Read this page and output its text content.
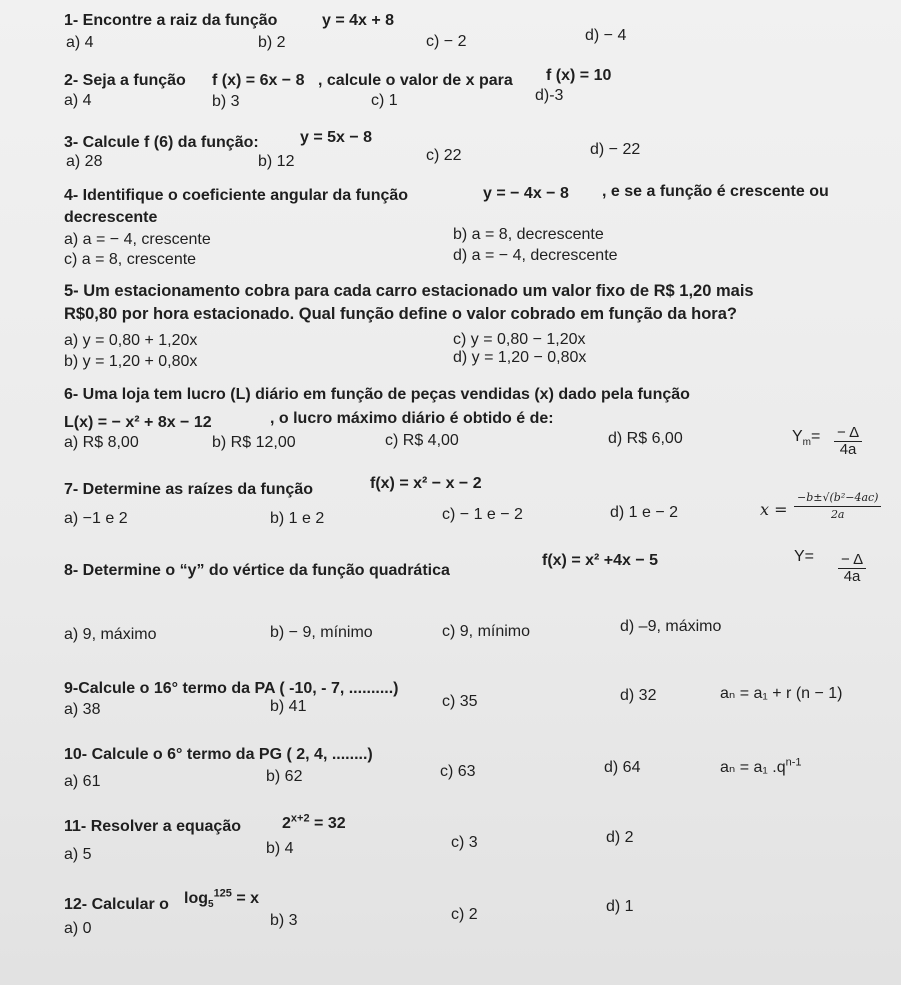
1- Encontre a raiz da função	y = 4x + 8
a) 4	b) 2	c) − 2	d) − 4
2- Seja a função f (x) = 6x − 8 , calcule o valor de x para f (x) = 10
a) 4	b) 3	c) 1	d)-3
3- Calcule f (6) da função:	y = 5x − 8
a) 28	b) 12	c) 22	d) − 22
4- Identifique o coeficiente angular da função	y = − 4x − 8 , e se a função é crescente ou
decrescente
a) a = − 4, crescente	b) a = 8, decrescente
c) a = 8, crescente	d) a = − 4, decrescente
5- Um estacionamento cobra para cada carro estacionado um valor fixo de R$ 1,20 mais
R$0,80 por hora estacionado. Qual função define o valor cobrado em função da hora?
a) y = 0,80 + 1,20x
b) y = 1,20 + 0,80x
c) y = 0,80 − 1,20x
d) y = 1,20 − 0,80x
6- Uma loja tem lucro (L) diário em função de peças vendidas (x) dado pela função
L(x) = − x² + 8x − 12	, o lucro máximo diário é obtido é de:
a) R$ 8,00	b) R$ 12,00	c) R$ 4,00	d) R$ 6,00	$Y_m= \frac{- \Delta}{4a}$
7- Determine as raízes da função	f(x) = x² − x − 2
a) −1 e 2	b) 1 e 2	c) − 1 e − 2	d) 1 e − 2	$x = \frac{\text{−b±√(b²−4ac)}}{2a}$
8- Determine o “y” do vértice da função quadrática
f(x) = x² +4x − 5	$Y= \frac{- \Delta}{4a}$
a) 9, máximo	b) − 9, mínimo	c) 9, mínimo	d) –9, máximo
9-Calcule o 16° termo da PA ( -10, - 7, ..........)
a) 38	b) 41	c) 35	d) 32	aₙ = a₁ + r (n − 1)
10- Calcule o 6° termo da PG ( 2, 4, ........)
a) 61	b) 62	c) 63	d) 64	aₙ = a₁ $.q^{n-1}$
11- Resolver a equação	$2^{x+2} = 32$
a) 5	b) 4	c) 3	d) 2
12- Calcular o $\log_5^{125} = x$
a) 0	b) 3	c) 2	d) 1
